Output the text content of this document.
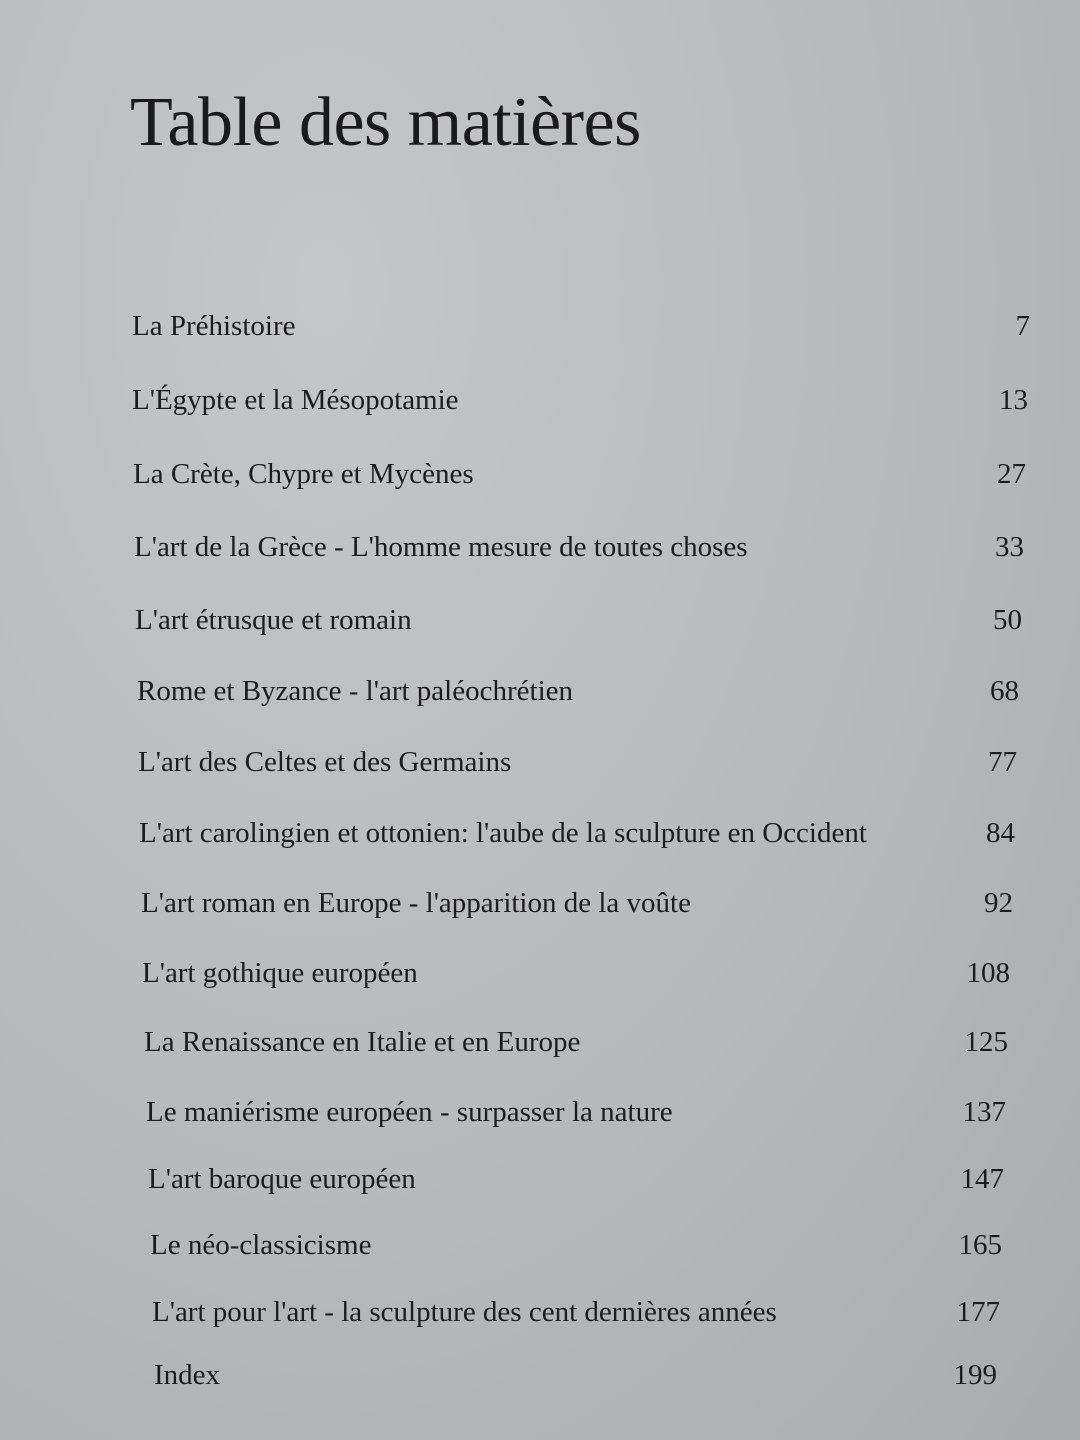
Table des matières
La Préhistoire	7
L'Égypte et la Mésopotamie	13
La Crète, Chypre et Mycènes	27
L'art de la Grèce - L'homme mesure de toutes choses	33
L'art étrusque et romain	50
Rome et Byzance - l'art paléochrétien	68
L'art des Celtes et des Germains	77
L'art carolingien et ottonien: l'aube de la sculpture en Occident	84
L'art roman en Europe - l'apparition de la voûte	92
L'art gothique européen	108
La Renaissance en Italie et en Europe	125
Le maniérisme européen - surpasser la nature	137
L'art baroque européen	147
Le néo-classicisme	165
L'art pour l'art - la sculpture des cent dernières années	177
Index	199
